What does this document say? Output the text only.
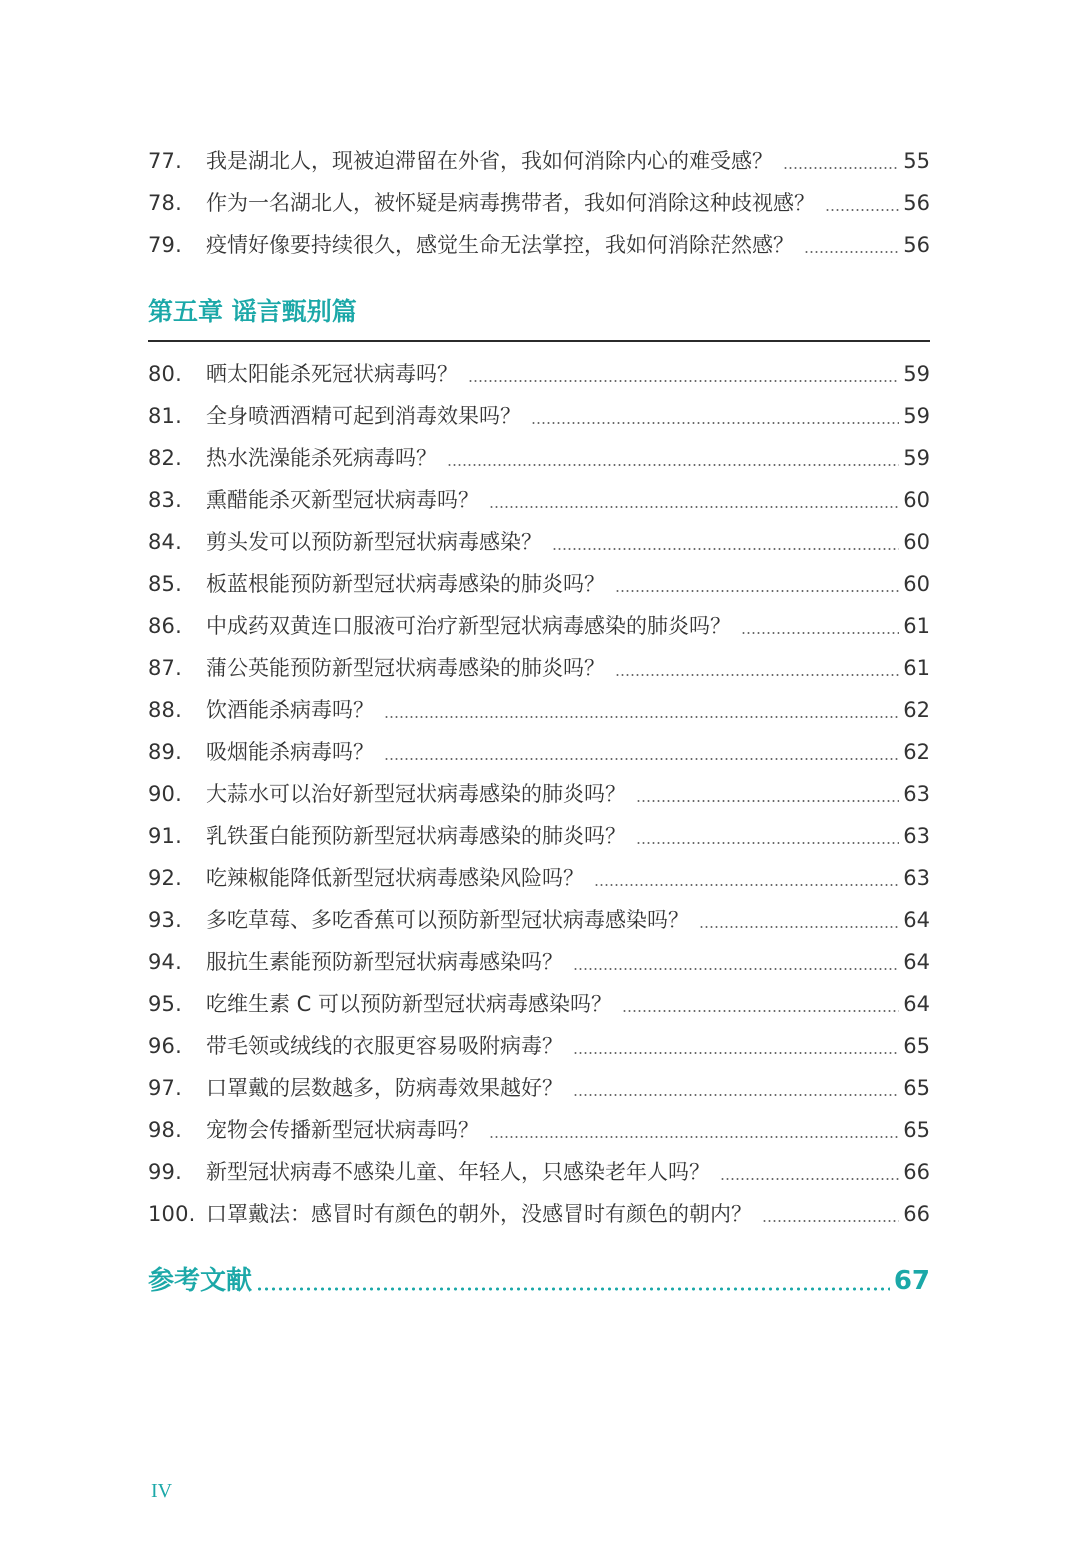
77.	我是湖北人，现被迫滞留在外省，我如何消除内心的难受感？	55
78.	作为一名湖北人，被怀疑是病毒携带者，我如何消除这种歧视感？	56
79.	疫情好像要持续很久，感觉生命无法掌控，我如何消除茫然感？	56
第五章 谣言甄别篇
80.	晒太阳能杀死冠状病毒吗？	59
81.	全身喷洒酒精可起到消毒效果吗？	59
82.	热水洗澡能杀死病毒吗？	59
83.	熏醋能杀灭新型冠状病毒吗？	60
84.	剪头发可以预防新型冠状病毒感染？	60
85.	板蓝根能预防新型冠状病毒感染的肺炎吗？	60
86.	中成药双黄连口服液可治疗新型冠状病毒感染的肺炎吗？	61
87.	蒲公英能预防新型冠状病毒感染的肺炎吗？	61
88.	饮酒能杀病毒吗？	62
89.	吸烟能杀病毒吗？	62
90.	大蒜水可以治好新型冠状病毒感染的肺炎吗？	63
91.	乳铁蛋白能预防新型冠状病毒感染的肺炎吗？	63
92.	吃辣椒能降低新型冠状病毒感染风险吗？	63
93.	多吃草莓、多吃香蕉可以预防新型冠状病毒感染吗？	64
94.	服抗生素能预防新型冠状病毒感染吗？	64
95.	吃维生素 C 可以预防新型冠状病毒感染吗？	64
96.	带毛领或绒线的衣服更容易吸附病毒？	65
97.	口罩戴的层数越多，防病毒效果越好？	65
98.	宠物会传播新型冠状病毒吗？	65
99.	新型冠状病毒不感染儿童、年轻人，只感染老年人吗？	66
100. 口罩戴法：感冒时有颜色的朝外，没感冒时有颜色的朝内？	66
参考文献	67
IV
